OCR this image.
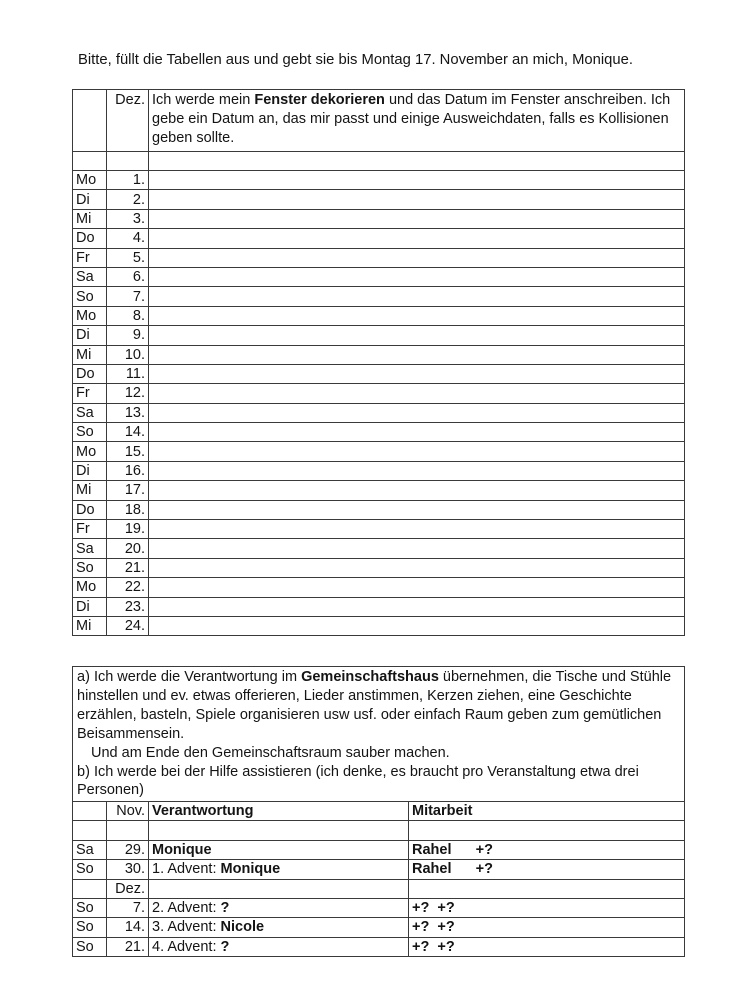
Bitte, füllt die Tabellen aus und gebt sie bis Montag 17. November an mich, Monique.
	Dez.	Ich werde mein Fenster dekorieren und das Datum im Fenster anschreiben. Ich gebe ein Datum an, das mir passt und einige Ausweichdaten, falls es Kollisionen geben sollte.

Mo	1.	
Di	2.	
Mi	3.	
Do	4.	
Fr	5.	
Sa	6.	
So	7.	
Mo	8.	
Di	9.	
Mi	10.	
Do	11.	
Fr	12.	
Sa	13.	
So	14.	
Mo	15.	
Di	16.	
Mi	17.	
Do	18.	
Fr	19.	
Sa	20.	
So	21.	
Mo	22.	
Di	23.	
Mi	24.	

a) Ich werde die Verantwortung im Gemeinschaftshaus übernehmen, die Tische und Stühle hinstellen und ev. etwas offerieren, Lieder anstimmen, Kerzen ziehen, eine Geschichte erzählen, basteln, Spiele organisieren usw usf. oder einfach Raum geben zum gemütlichen Beisammensein.

Und am Ende den Gemeinschaftsraum sauber machen.

b) Ich werde bei der Hilfe assistieren (ich denke, es braucht pro Veranstaltung etwa drei Personen)			

	Nov.	Verantwortung	Mitarbeit

Sa	29.	Monique	Rahel      +?
So	30.	1. Advent: Monique	Rahel      +?
	Dez.		
So	7.	2. Advent: ?	+?  +?
So	14.	3. Advent: Nicole	+?  +?
So	21.	4. Advent: ?	+?  +?
